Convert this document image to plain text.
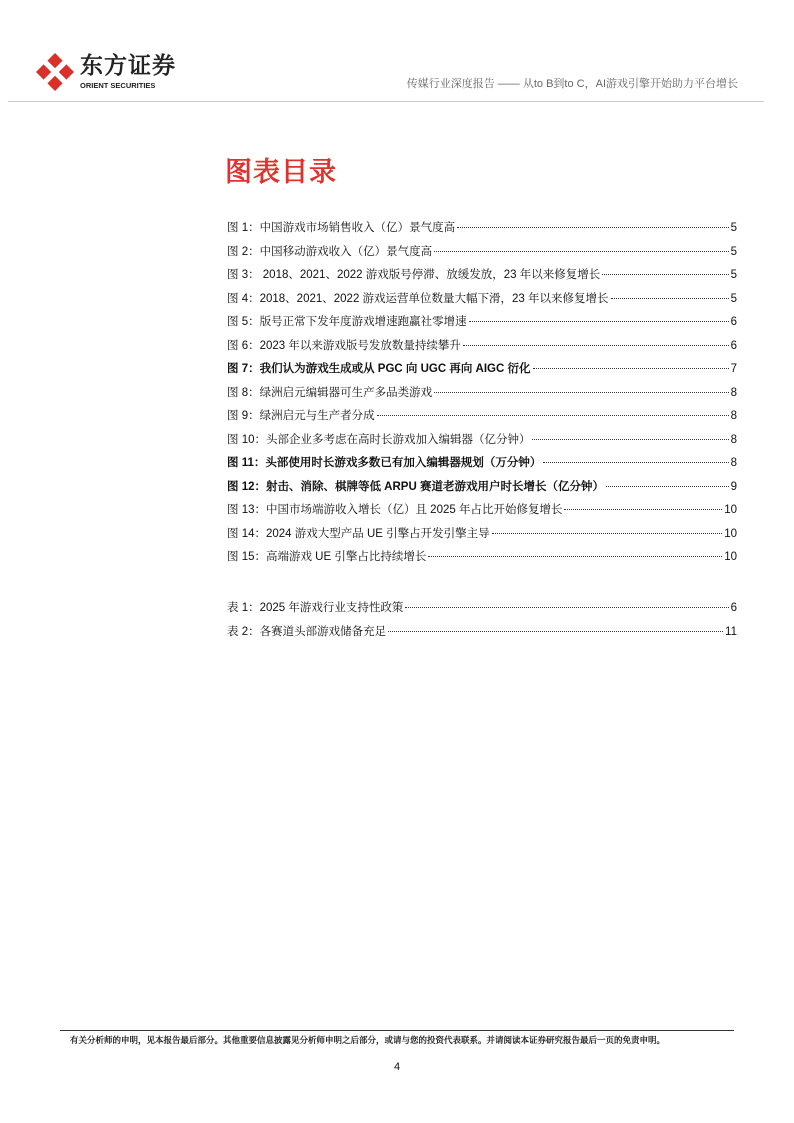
东方证券
ORIENT SECURITIES	传媒行业深度报告 —— 从to B到to C，AI游戏引擎开始助力平台增长
图表目录
图 1：中国游戏市场销售收入（亿）景气度高	5
图 2：中国移动游戏收入（亿）景气度高	5
图 3： 2018、2021、2022 游戏版号停滞、放缓发放，23 年以来修复增长	5
图 4：2018、2021、2022 游戏运营单位数量大幅下滑，23 年以来修复增长	5
图 5：版号正常下发年度游戏增速跑赢社零增速	6
图 6：2023 年以来游戏版号发放数量持续攀升	6
图 7：我们认为游戏生成或从 PGC 向 UGC 再向 AIGC 衍化	7
图 8：绿洲启元编辑器可生产多品类游戏	8
图 9：绿洲启元与生产者分成	8
图 10：头部企业多考虑在高时长游戏加入编辑器（亿分钟）	8
图 11：头部使用时长游戏多数已有加入编辑器规划（万分钟）	8
图 12：射击、消除、棋牌等低 ARPU 赛道老游戏用户时长增长（亿分钟）	9
图 13：中国市场端游收入增长（亿）且 2025 年占比开始修复增长	10
图 14：2024 游戏大型产品 UE 引擎占开发引擎主导	10
图 15：高端游戏 UE 引擎占比持续增长	10
表 1：2025 年游戏行业支持性政策	6
表 2：各赛道头部游戏储备充足	11
有关分析师的申明，见本报告最后部分。其他重要信息披露见分析师申明之后部分，或请与您的投资代表联系。并请阅读本证券研究报告最后一页的免责申明。
4
